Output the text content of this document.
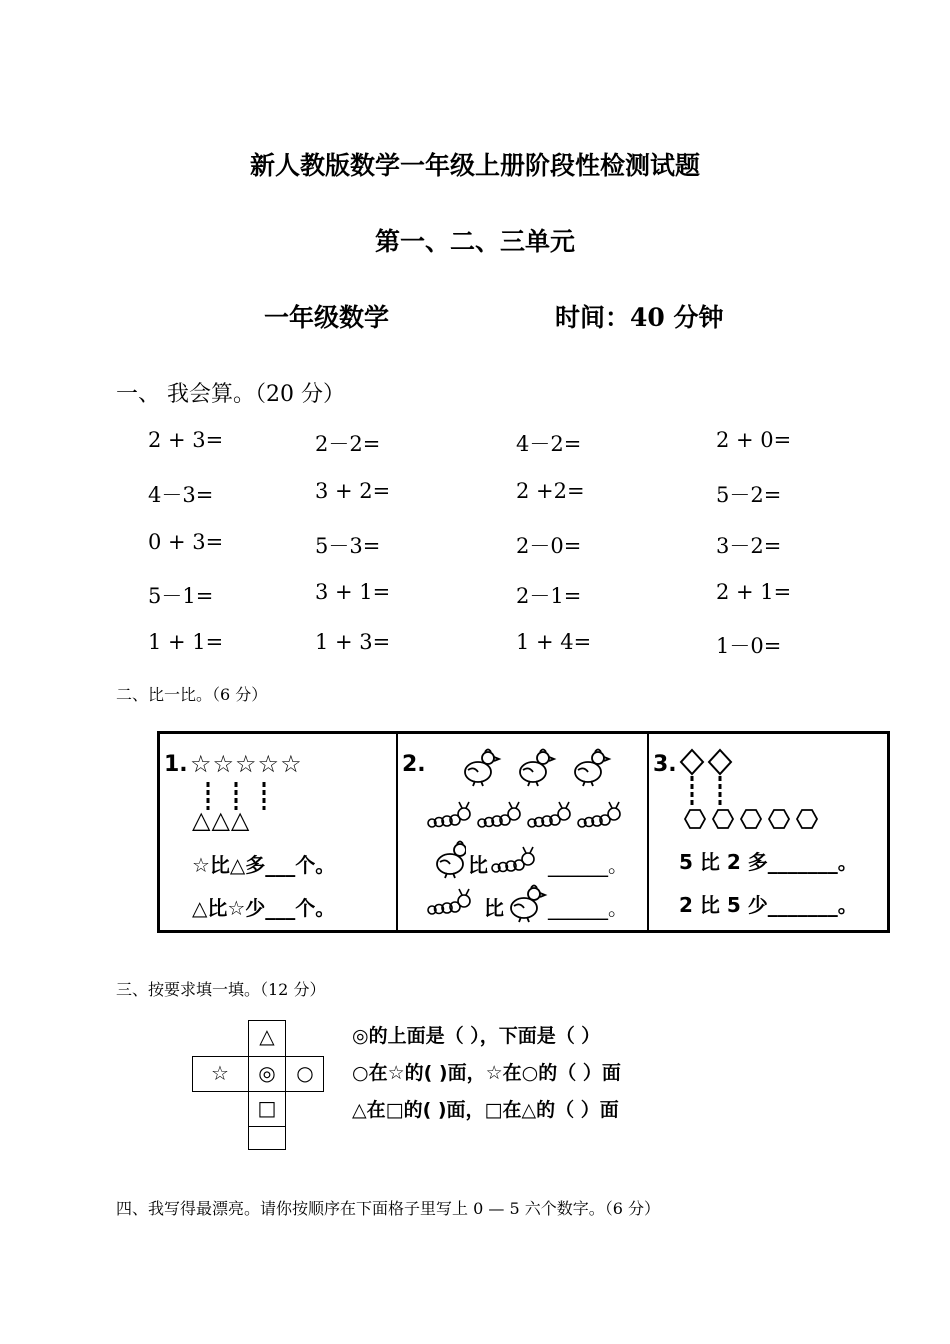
新人教版数学一年级上册阶段性检测试题
第一、二、三单元
一年级数学	时间：40 分钟
一、 我会算。（20 分）
2 + 3=	2－2=	4－2=	2 + 0=
4－3=	3 + 2=	2 +2=	5－2=
0 + 3=	5－3=	2－0=	3－2=
5－1=	3 + 1=	2－1=	2 + 1=
1 + 1=	1 + 3=	1 + 4=	1－0=
二、比一比。（6 分）
1. ☆☆☆☆☆
△△△
☆比△多___个。
△比☆少___个。
2.
比	______。
比 ______。
3.
5 比 2 多_______。
2 比 5 少_______。
三、按要求填一填。（12 分）
△
☆	◎	○
□
◎的上面是（ ），下面是（ ）
○在☆的( )面，☆在○的（ ）面
△在□的( )面，□在△的（ ）面
四、我写得最漂亮。请你按顺序在下面格子里写上 0 — 5 六个数字。（6 分）
